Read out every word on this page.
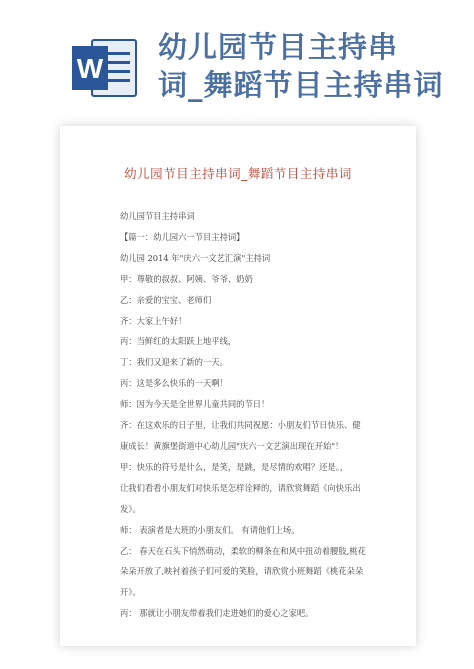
W
幼儿园节目主持串
词_舞蹈节目主持串词
幼儿园节目主持串词_舞蹈节目主持串词
幼儿园节目主持串词
【篇一：幼儿园六一节目主持词】
幼儿园 2014 年"庆六一文艺汇演"主持词
甲：尊敬的叔叔、阿姨、爷爷、奶奶
乙：亲爱的宝宝、老师们
齐：大家上午好！
丙：当鲜红的太阳跃上地平线，
丁：我们又迎来了新的一天。
丙：这是多么快乐的一天啊！
师：因为今天是全世界儿童共同的节日！
齐：在这欢乐的日子里，让我们共同祝愿：小朋友们节日快乐、健
康成长！黄旗堡街道中心幼儿园"庆六一文艺演出现在开始"！
甲：快乐的符号是什么，是笑，是跳，是尽情的欢唱？还是。，
让我们看看小朋友们对快乐是怎样诠释的，请欣赏舞蹈《向快乐出
发》。
师： 表演者是大班的小朋友们。 有请他们上场。
乙： 春天在石头下悄然萌动，柔软的柳条在和风中扭动着腰肢,桃花
朵朵开放了,映衬着孩子们可爱的笑脸，请欣赏小班舞蹈《桃花朵朵
开》。
丙： 那就让小朋友带着我们走进她们的爱心之家吧。
